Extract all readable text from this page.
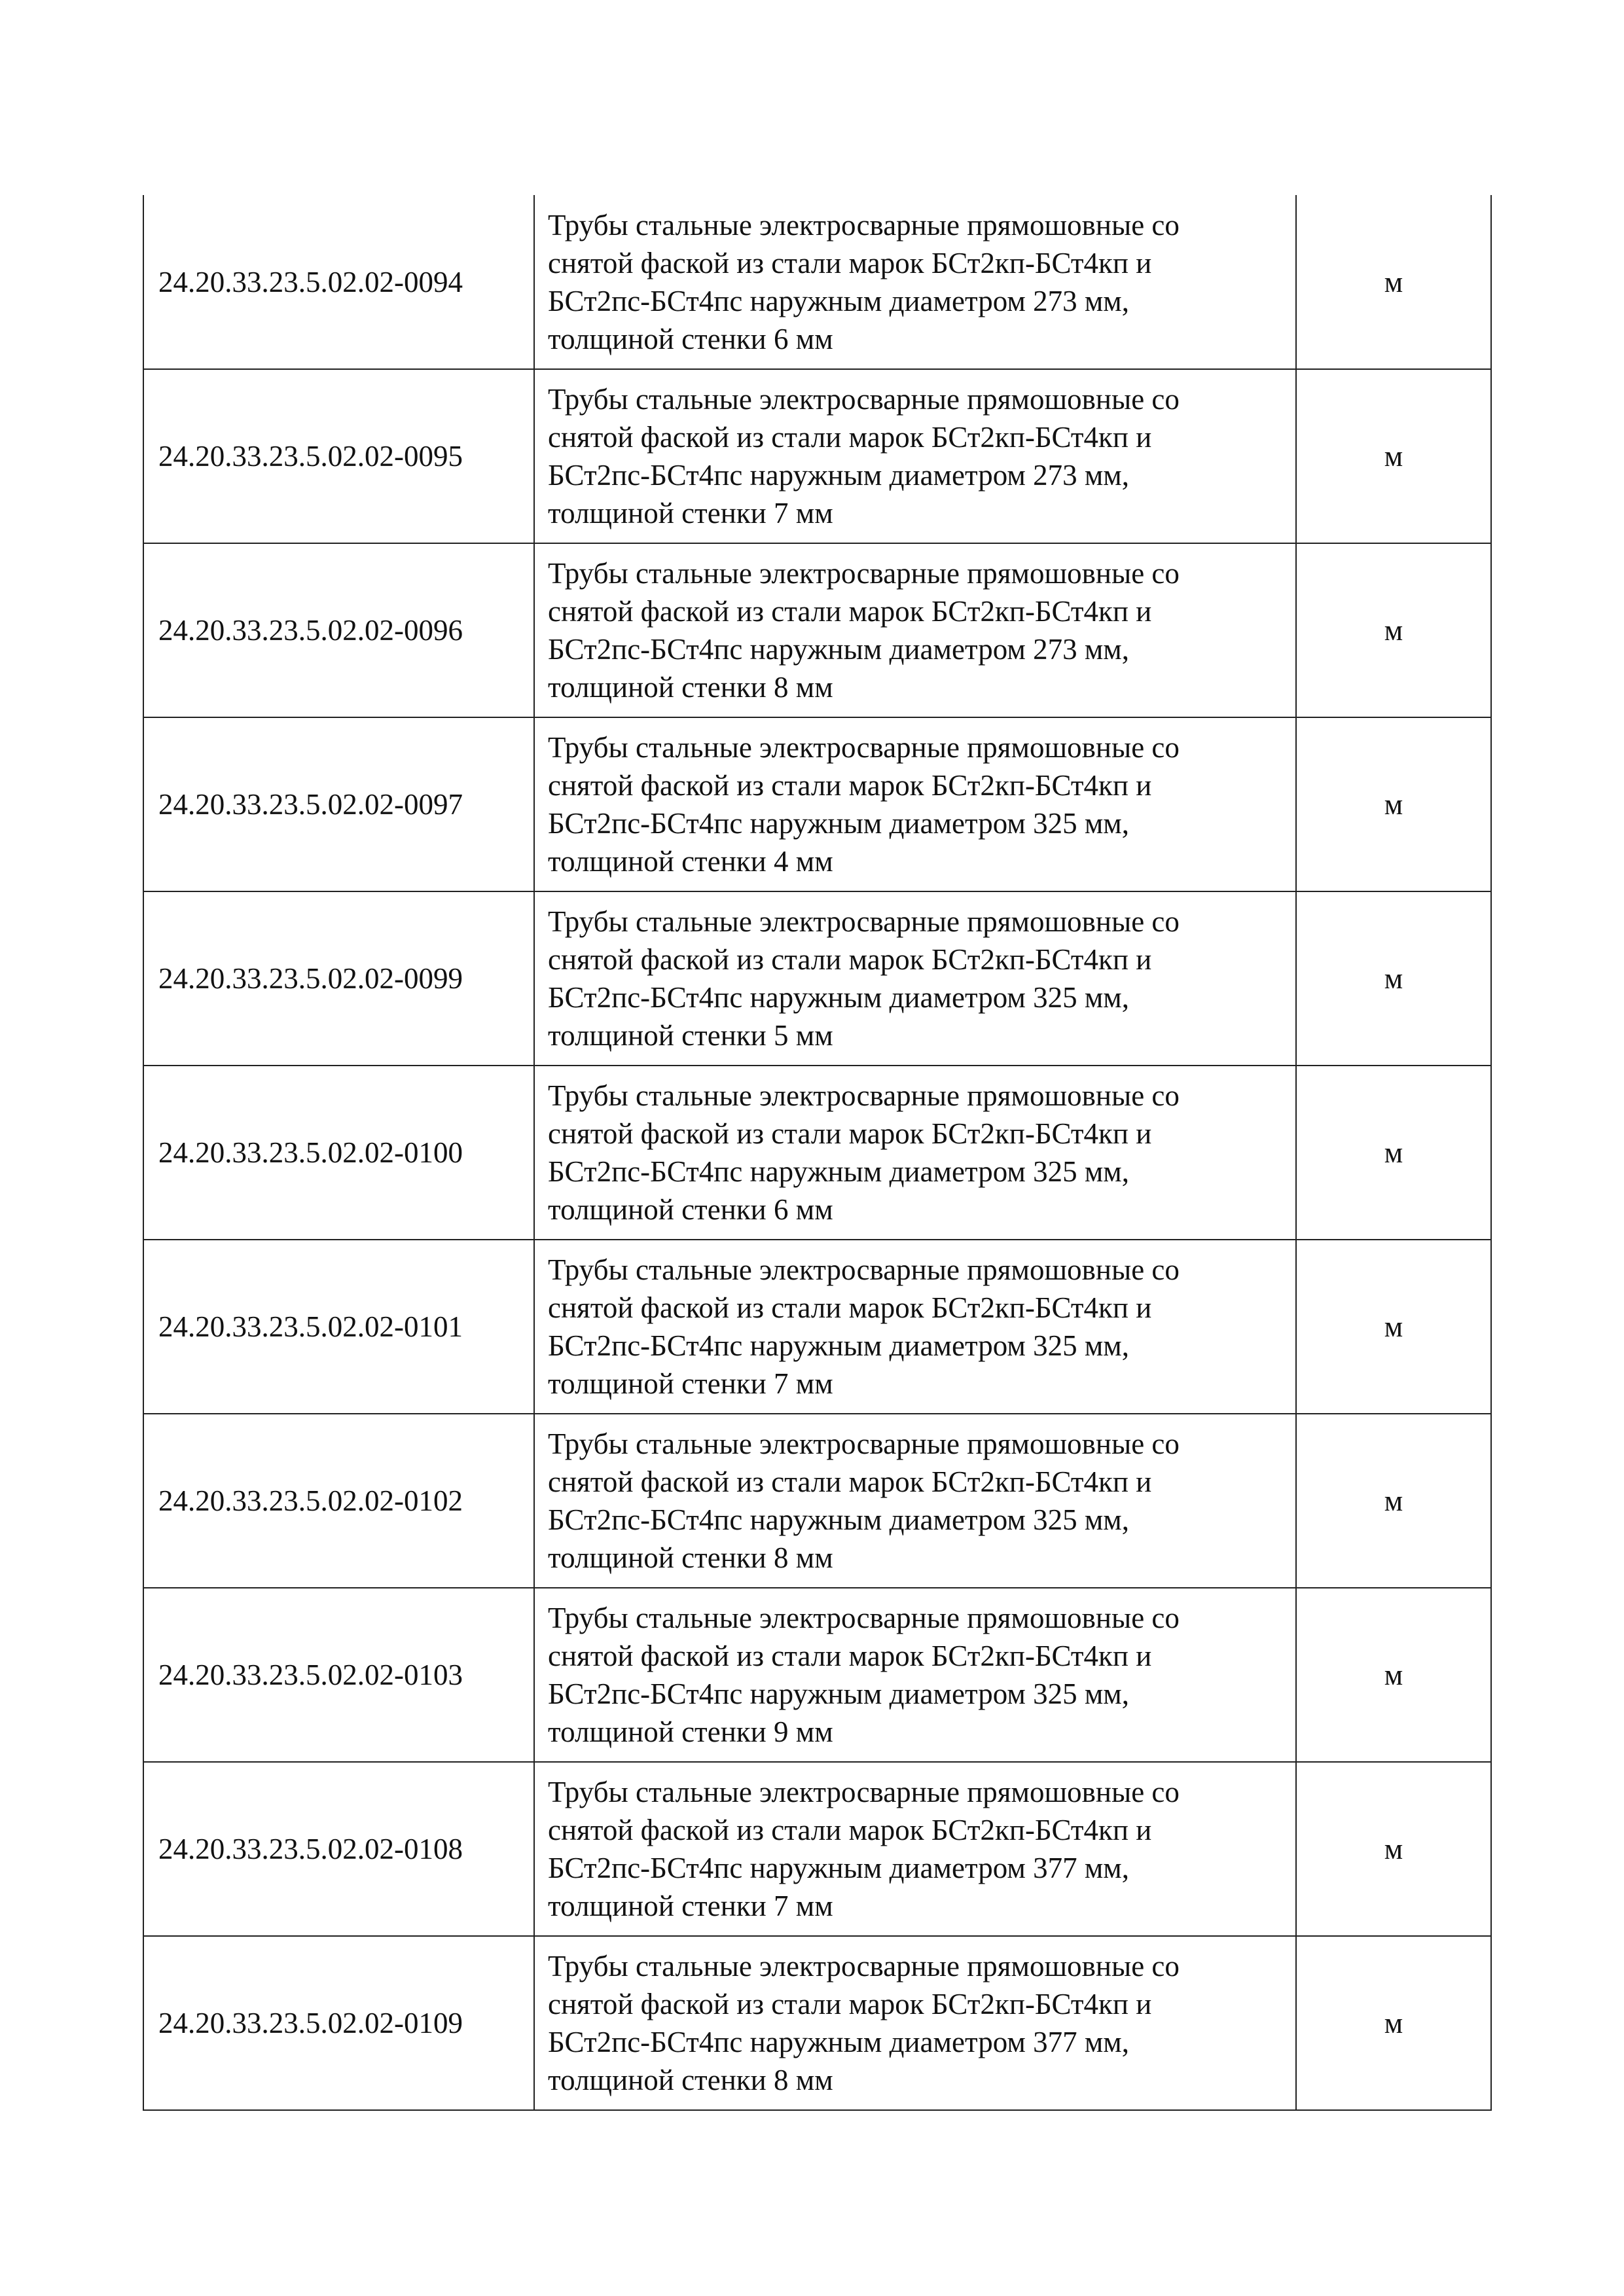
24.20.33.23.5.02.02-0094	Трубы стальные электросварные прямошовные со
снятой фаской из стали марок БСт2кп-БСт4кп и
БСт2пс-БСт4пс наружным диаметром 273 мм,
толщиной стенки 6 мм	м
24.20.33.23.5.02.02-0095	Трубы стальные электросварные прямошовные со
снятой фаской из стали марок БСт2кп-БСт4кп и
БСт2пс-БСт4пс наружным диаметром 273 мм,
толщиной стенки 7 мм	м
24.20.33.23.5.02.02-0096	Трубы стальные электросварные прямошовные со
снятой фаской из стали марок БСт2кп-БСт4кп и
БСт2пс-БСт4пс наружным диаметром 273 мм,
толщиной стенки 8 мм	м
24.20.33.23.5.02.02-0097	Трубы стальные электросварные прямошовные со
снятой фаской из стали марок БСт2кп-БСт4кп и
БСт2пс-БСт4пс наружным диаметром 325 мм,
толщиной стенки 4 мм	м
24.20.33.23.5.02.02-0099	Трубы стальные электросварные прямошовные со
снятой фаской из стали марок БСт2кп-БСт4кп и
БСт2пс-БСт4пс наружным диаметром 325 мм,
толщиной стенки 5 мм	м
24.20.33.23.5.02.02-0100	Трубы стальные электросварные прямошовные со
снятой фаской из стали марок БСт2кп-БСт4кп и
БСт2пс-БСт4пс наружным диаметром 325 мм,
толщиной стенки 6 мм	м
24.20.33.23.5.02.02-0101	Трубы стальные электросварные прямошовные со
снятой фаской из стали марок БСт2кп-БСт4кп и
БСт2пс-БСт4пс наружным диаметром 325 мм,
толщиной стенки 7 мм	м
24.20.33.23.5.02.02-0102	Трубы стальные электросварные прямошовные со
снятой фаской из стали марок БСт2кп-БСт4кп и
БСт2пс-БСт4пс наружным диаметром 325 мм,
толщиной стенки 8 мм	м
24.20.33.23.5.02.02-0103	Трубы стальные электросварные прямошовные со
снятой фаской из стали марок БСт2кп-БСт4кп и
БСт2пс-БСт4пс наружным диаметром 325 мм,
толщиной стенки 9 мм	м
24.20.33.23.5.02.02-0108	Трубы стальные электросварные прямошовные со
снятой фаской из стали марок БСт2кп-БСт4кп и
БСт2пс-БСт4пс наружным диаметром 377 мм,
толщиной стенки 7 мм	м
24.20.33.23.5.02.02-0109	Трубы стальные электросварные прямошовные со
снятой фаской из стали марок БСт2кп-БСт4кп и
БСт2пс-БСт4пс наружным диаметром 377 мм,
толщиной стенки 8 мм	м
